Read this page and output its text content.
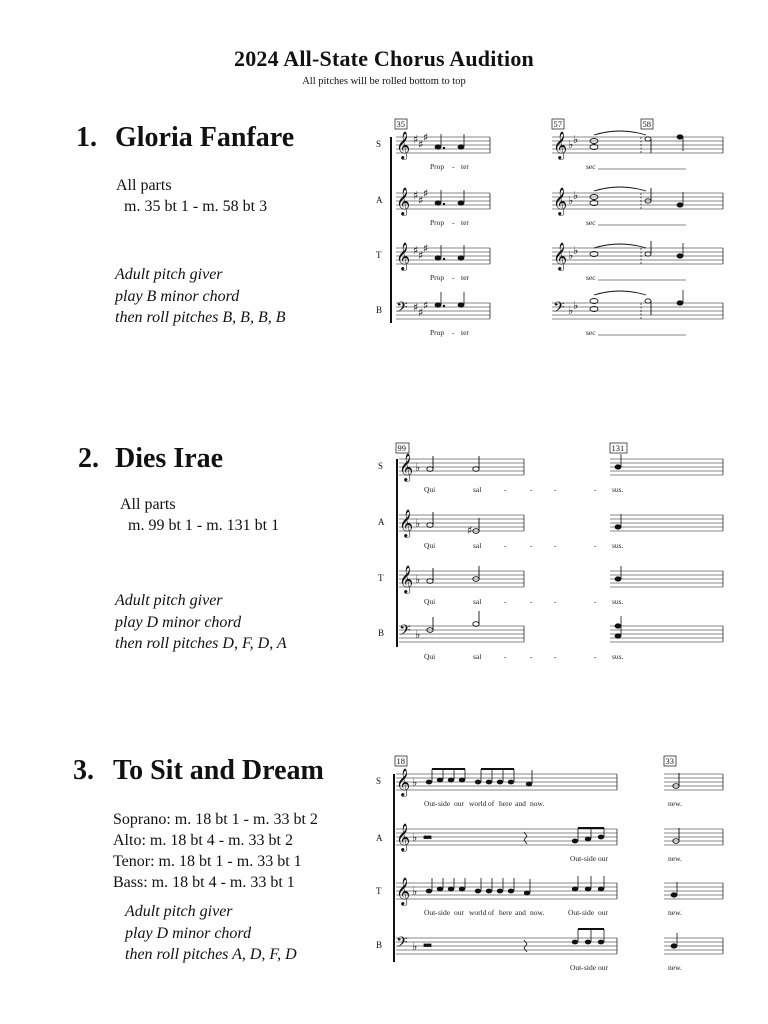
2024 All-State Chorus Audition
All pitches will be rolled bottom to top
1. Gloria Fanfare
All parts
m. 35 bt 1 - m. 58 bt 3
Adult pitch giver
play B minor chord
then roll pitches B, B, B, B
35	57	58
S
A
T
B
𝄞
𝄞
𝄞
𝄢
𝄞
𝄞
𝄞
𝄢
♯ ♯
♯
♯ ♯
♯
♯ ♯
♯
♯ ♯
♯
♭ ♭
♭ ♭
♭ ♭
♭ ♭
Prop - ter	sec
Prop - ter	sec
Prop - ter	sec
Prop - ter	sec
2. Dies Irae
All parts
m. 99 bt 1 - m. 131 bt 1
Adult pitch giver
play D minor chord
then roll pitches D, F, D, A
99	131
S
A
T
B
𝄞
𝄞
𝄞
𝄢
♭
♭
♭
♭
♯
Qui	sal	-	-	-	- sus.
Qui	sal	-	-	-	- sus.
Qui	sal	-	-	-	- sus.
Qui	sal	-	-	-	- sus.
3. To Sit and Dream
Soprano: m. 18 bt 1 - m. 33 bt 2
Alto: m. 18 bt 4 - m. 33 bt 2
Tenor: m. 18 bt 1 - m. 33 bt 1
Bass: m. 18 bt 4 - m. 33 bt 1
Adult pitch giver
play D minor chord
then roll pitches A, D, F, D
18	33
S
A
T
B
𝄞
𝄞
𝄞
𝄢
♭
♭
♭
♭
Out - side our world of here and now.	new.
Out - side our	new.
Out - side our world of here and now.	Out - side our	new.
Out - side our	new.
